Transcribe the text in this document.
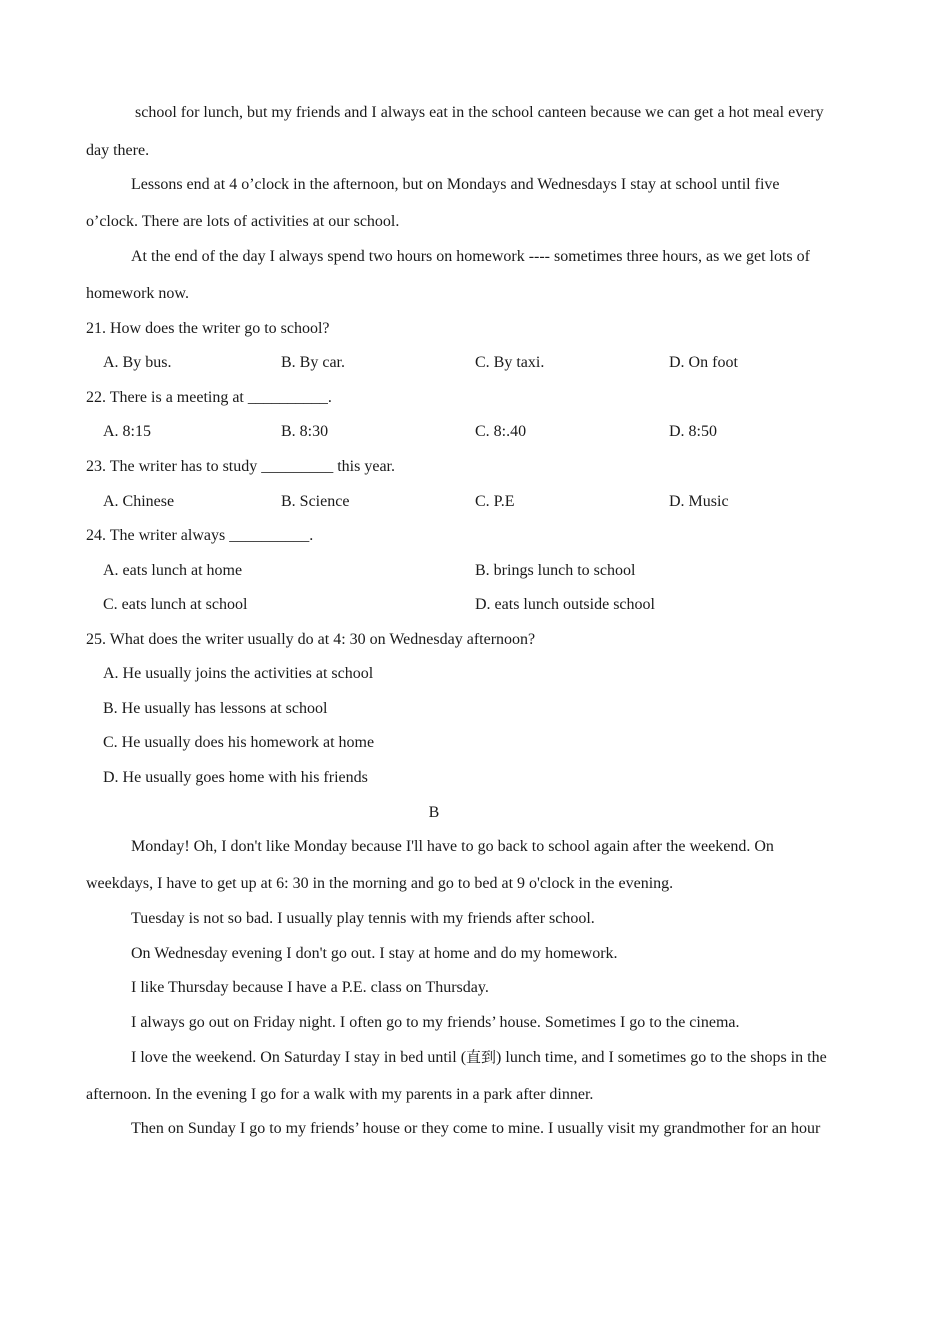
school for lunch, but my friends and I always eat in the school canteen because we can get a hot meal every
day there.
Lessons end at 4 o’clock in the afternoon, but on Mondays and Wednesdays I stay at school until five
o’clock. There are lots of activities at our school.
At the end of the day I always spend two hours on homework ---- sometimes three hours, as we get lots of
homework now.
21. How does the writer go to school?
A. By bus.	B. By car.	C. By taxi.	D. On foot
22. There is a meeting at __________.
A. 8:15	B. 8:30	C. 8:.40	D. 8:50
23. The writer has to study _________ this year.
A. Chinese	B. Science	C. P.E	D. Music
24. The writer always __________.
A. eats lunch at home	B. brings lunch to school
C. eats lunch at school	D. eats lunch outside school
25. What does the writer usually do at 4: 30 on Wednesday afternoon?
A. He usually joins the activities at school
B. He usually has lessons at school
C. He usually does his homework at home
D. He usually goes home with his friends
B
Monday! Oh, I don't like Monday because I'll have to go back to school again after the weekend. On
weekdays, I have to get up at 6: 30 in the morning and go to bed at 9 o'clock in the evening.
Tuesday is not so bad. I usually play tennis with my friends after school.
On Wednesday evening I don't go out. I stay at home and do my homework.
I like Thursday because I have a P.E. class on Thursday.
I always go out on Friday night. I often go to my friends’ house. Sometimes I go to the cinema.
I love the weekend. On Saturday I stay in bed until (直到) lunch time, and I sometimes go to the shops in the
afternoon. In the evening I go for a walk with my parents in a park after dinner.
Then on Sunday I go to my friends’ house or they come to mine. I usually visit my grandmother for an hour
